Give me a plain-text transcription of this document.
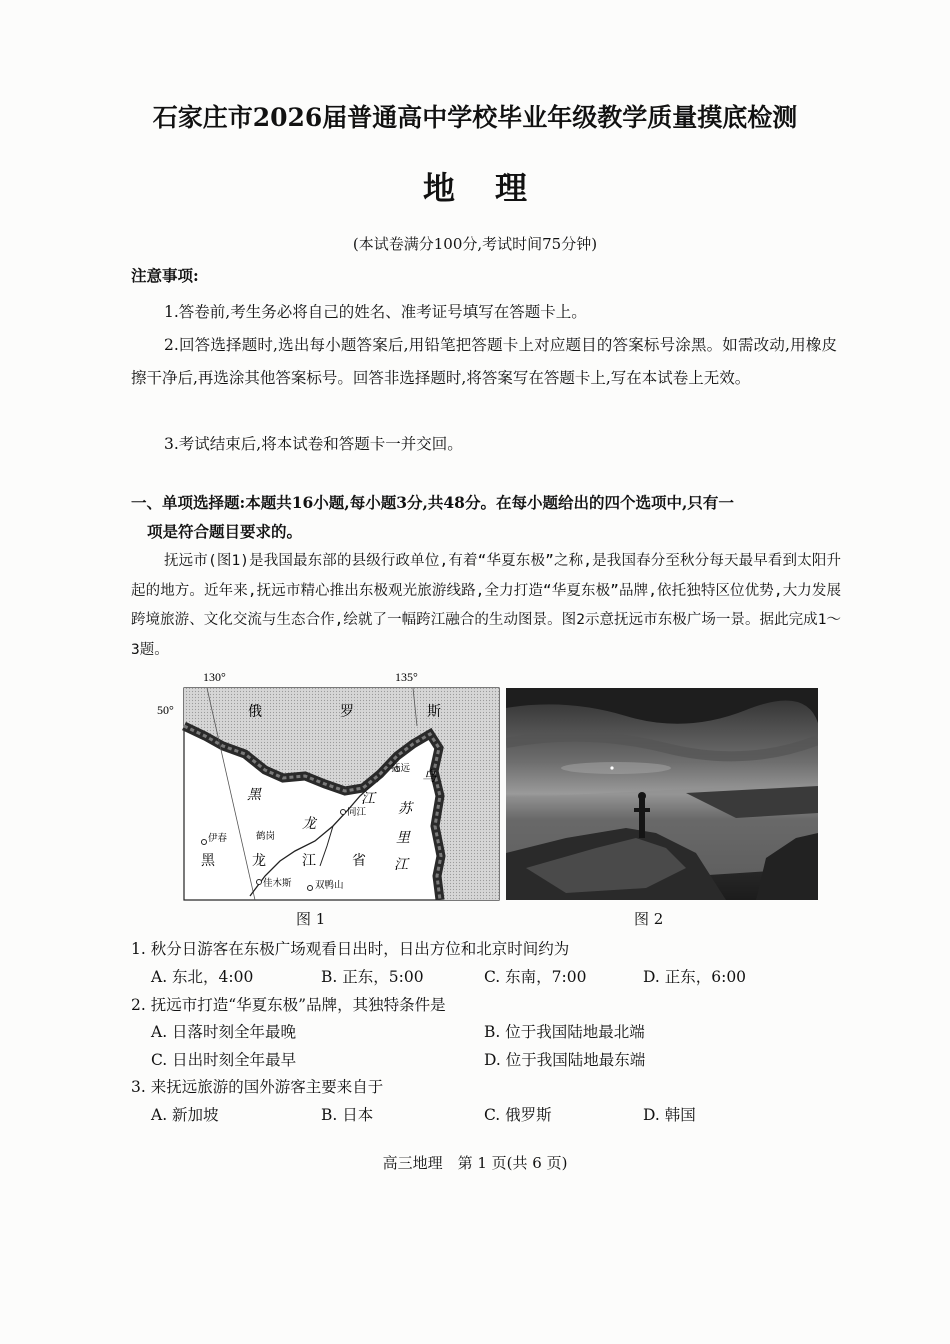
石家庄市2026届普通高中学校毕业年级教学质量摸底检测
地理
(本试卷满分100分,考试时间75分钟)
注意事项:
1.答卷前,考生务必将自己的姓名、准考证号填写在答题卡上。
2.回答选择题时,选出每小题答案后,用铅笔把答题卡上对应题目的答案标号涂黑。如需改动,用橡皮擦干净后,再选涂其他答案标号。回答非选择题时,将答案写在答题卡上,写在本试卷上无效。
3.考试结束后,将本试卷和答题卡一并交回。
一、单项选择题:本题共16小题,每小题3分,共48分。在每小题给出的四个选项中,只有一
项是符合题目要求的。
抚远市(图1)是我国最东部的县级行政单位,有着“华夏东极”之称,是我国春分至秋分每天最早看到太阳升起的地方。近年来,抚远市精心推出东极观光旅游线路,全力打造“华夏东极”品牌,依托独特区位优势,大力发展跨境旅游、文化交流与生态合作,绘就了一幅跨江融合的生动图景。图2示意抚远市东极广场一景。据此完成1～3题。
130°	135°
50°	俄	罗	斯
黑
龙
江
乌
苏
里
江
黑	龙	江	省
抚远
同江
伊春	鹤岗
佳木斯 双鸭山
图 1	图 2
1. 秋分日游客在东极广场观看日出时，日出方位和北京时间约为
A. 东北，4:00	B. 正东，5:00	C. 东南，7:00	D. 正东，6:00
2. 抚远市打造“华夏东极”品牌，其独特条件是
A. 日落时刻全年最晚	B. 位于我国陆地最北端
C. 日出时刻全年最早	D. 位于我国陆地最东端
3. 来抚远旅游的国外游客主要来自于
A. 新加坡	B. 日本	C. 俄罗斯	D. 韩国
高三地理　第 1 页(共 6 页)
